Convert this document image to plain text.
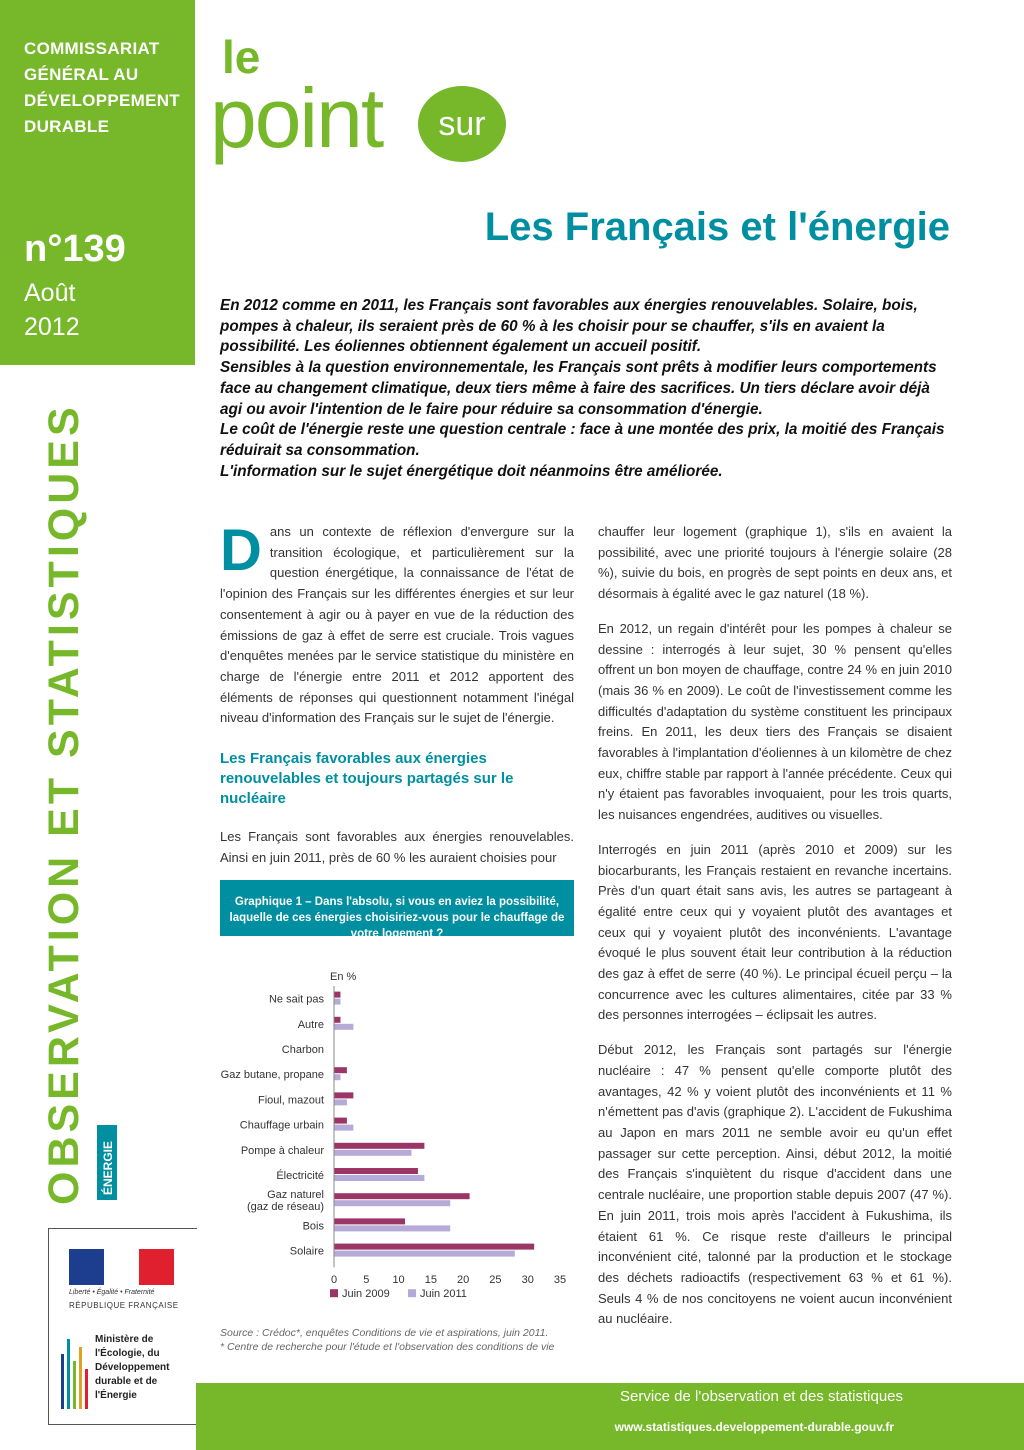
COMMISSARIAT GÉNÉRAL AU DÉVELOPPEMENT DURABLE
n°139
Août
2012
OBSERVATION ET STATISTIQUES ÉNERGIE
Liberté • Égalité • Fraternité
RÉPUBLIQUE FRANÇAISE
Ministère de l'Écologie, du Développement durable et de l'Énergie
le
point	sur
Les Français et l'énergie

En 2012 comme en 2011, les Français sont favorables aux énergies renouvelables. Solaire, bois, pompes à chaleur, ils seraient près de 60 % à les choisir pour se chauffer, s'ils en avaient la possibilité. Les éoliennes obtiennent également un accueil positif.

Sensibles à la question environnementale, les Français sont prêts à modifier leurs comportements face au changement climatique, deux tiers même à faire des sacrifices. Un tiers déclare avoir déjà agi ou avoir l'intention de le faire pour réduire sa consommation d'énergie.

Le coût de l'énergie reste une question centrale : face à une montée des prix, la moitié des Français réduirait sa consommation.

L'information sur le sujet énergétique doit néanmoins être améliorée.

Dans un contexte de réflexion d'envergure sur la transition écologique, et particulièrement sur la question énergétique, la connaissance de l'état de l'opinion des Français sur les différentes énergies et sur leur consentement à agir ou à payer en vue de la réduction des émissions de gaz à effet de serre est cruciale. Trois vagues d'enquêtes menées par le service statistique du ministère en charge de l'énergie entre 2011 et 2012 apportent des éléments de réponses qui questionnent notamment l'inégal niveau d'information des Français sur le sujet de l'énergie.

Les Français favorables aux énergies renouvelables et toujours partagés sur le nucléaire

Les Français sont favorables aux énergies renouvelables. Ainsi en juin 2011, près de 60 % les auraient choisies pour

Graphique 1 – Dans l'absolu, si vous en aviez la possibilité, laquelle de ces énergies choisiriez-vous pour le chauffage de votre logement ?
En %
Ne sait pas
Autre
Charbon
Gaz butane, propane
Fioul, mazout
Chauffage urbain
Pompe à chaleur
Électricité
Gaz naturel
(gaz de réseau)
Bois
Solaire
0 5 10 15 20 25 30 35
Juin 2009	Juin 2011
Source : Crédoc*, enquêtes Conditions de vie et aspirations, juin 2011.
* Centre de recherche pour l'étude et l'observation des conditions de vie

chauffer leur logement (graphique 1), s'ils en avaient la possibilité, avec une priorité toujours à l'énergie solaire (28 %), suivie du bois, en progrès de sept points en deux ans, et désormais à égalité avec le gaz naturel (18 %).

En 2012, un regain d'intérêt pour les pompes à chaleur se dessine : interrogés à leur sujet, 30 % pensent qu'elles offrent un bon moyen de chauffage, contre 24 % en juin 2010 (mais 36 % en 2009). Le coût de l'investissement comme les difficultés d'adaptation du système constituent les principaux freins. En 2011, les deux tiers des Français se disaient favorables à l'implantation d'éoliennes à un kilomètre de chez eux, chiffre stable par rapport à l'année précédente. Ceux qui n'y étaient pas favorables invoquaient, pour les trois quarts, les nuisances engendrées, auditives ou visuelles.

Interrogés en juin 2011 (après 2010 et 2009) sur les biocarburants, les Français restaient en revanche incertains. Près d'un quart était sans avis, les autres se partageant à égalité entre ceux qui y voyaient plutôt des avantages et ceux qui y voyaient plutôt des inconvénients. L'avantage évoqué le plus souvent était leur contribution à la réduction des gaz à effet de serre (40 %). Le principal écueil perçu – la concurrence avec les cultures alimentaires, citée par 33 % des personnes interrogées – éclipsait les autres.

Début 2012, les Français sont partagés sur l'énergie nucléaire : 47 % pensent qu'elle comporte plutôt des avantages, 42 % y voient plutôt des inconvénients et 11 % n'émettent pas d'avis (graphique 2). L'accident de Fukushima au Japon en mars 2011 ne semble avoir eu qu'un effet passager sur cette perception. Ainsi, début 2012, la moitié des Français s'inquiètent du risque d'accident dans une centrale nucléaire, une proportion stable depuis 2007 (47 %). En juin 2011, trois mois après l'accident à Fukushima, ils étaient 61 %. Ce risque reste d'ailleurs le principal inconvénient cité, talonné par la production et le stockage des déchets radioactifs (respectivement 63 % et 61 %). Seuls 4 % de nos concitoyens ne voient aucun inconvénient au nucléaire.

Service de l'observation et des statistiques
www.statistiques.developpement-durable.gouv.fr
